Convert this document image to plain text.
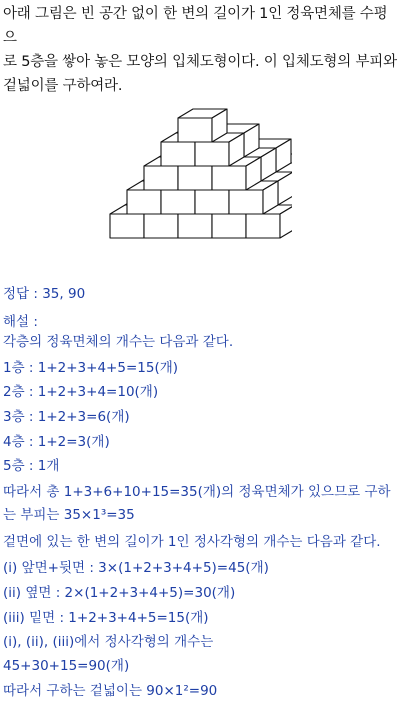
아래 그림은 빈 공간 없이 한 변의 길이가 1인 정육면체를 수평으
로 5층을 쌓아 놓은 모양의 입체도형이다. 이 입체도형의 부피와
겉넓이를 구하여라.
정답 : 35, 90
해설 :
각층의 정육면체의 개수는 다음과 같다.
1층 : 1+2+3+4+5=15(개)
2층 : 1+2+3+4=10(개)
3층 : 1+2+3=6(개)
4층 : 1+2=3(개)
5층 : 1개
따라서 총 1+3+6+10+15=35(개)의 정육면체가 있으므로 구하
는 부피는 35×1³=35
겉면에 있는 한 변의 길이가 1인 정사각형의 개수는 다음과 같다.
(i) 앞면+뒷면 : 3×(1+2+3+4+5)=45(개)
(ii) 옆면 : 2×(1+2+3+4+5)=30(개)
(iii) 밑면 : 1+2+3+4+5=15(개)
(i), (ii), (iii)에서 정사각형의 개수는
45+30+15=90(개)
따라서 구하는 겉넓이는 90×1²=90
